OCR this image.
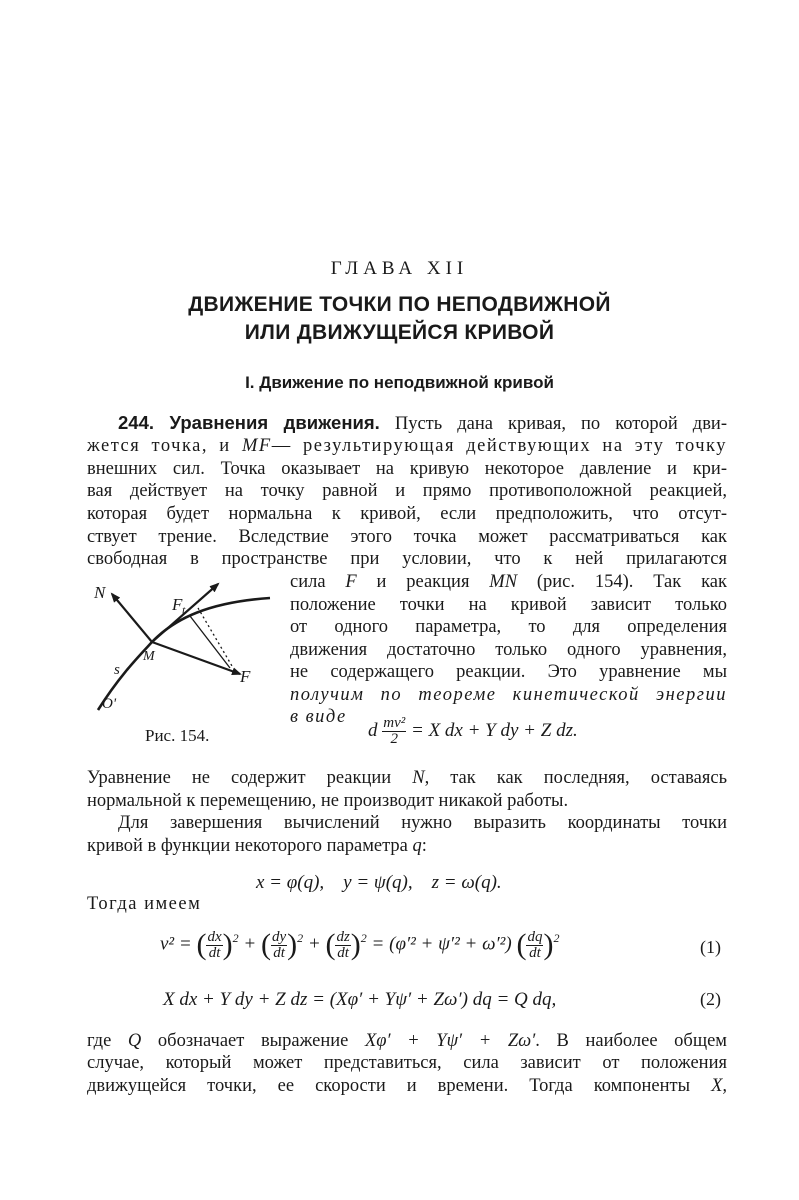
ГЛАВА XII
ДВИЖЕНИЕ ТОЧКИ ПО НЕПОДВИЖНОЙ
ИЛИ ДВИЖУЩЕЙСЯ КРИВОЙ
I. Движение по неподвижной кривой
244. Уравнения движения. Пусть дана кривая, по которой дви-
жется точка, и MF— результирующая действующих на эту точку
внешних сил. Точка оказывает на кривую некоторое давление и кри-
вая действует на точку равной и прямо противоположной реакцией,
которая будет нормальна к кривой, если предположить, что отсут-
ствует трение. Вследствие этого точка может рассматриваться как
свободная в пространстве при условии, что к ней прилагаются
сила F и реакция MN (рис. 154). Так как
положение точки на кривой зависит только
от одного параметра, то для определения
движения достаточно только одного уравнения,
не содержащего реакции. Это уравнение мы
получим по теореме кинетической энергии
в виде
N
F t
M
F
s
O'
Рис. 154.	d $\frac{\text{mv²}}{2} = X$ dx + Y dy + Z dz.
Уравнение не содержит реакции N, так как последняя, оставаясь
нормальной к перемещению, не производит никакой работы.
Для завершения вычислений нужно выразить координаты точки
кривой в функции некоторого параметра q:
x = φ(q),    y = ψ(q),    z = ω(q).
Тогда имеем
v² = ( $\frac{dx}{dt} )^2$ + ( $\frac{dy}{dt} )^2$ + ( $\frac{dz}{dt} )^2 = (\varphi'^2 + \psi'^2 + \omega'^2)$ ( $\frac{dq}{dt} )^2$	(1)
X dx + Y dy + Z dz = (Xφ′ + Yψ′ + Zω′) dq = Q dq,	(2)
где Q обозначает выражение Xφ′ + Yψ′ + Zω′. В наиболее общем
случае, который может представиться, сила зависит от положения
движущейся точки, ее скорости и времени. Тогда компоненты X,
